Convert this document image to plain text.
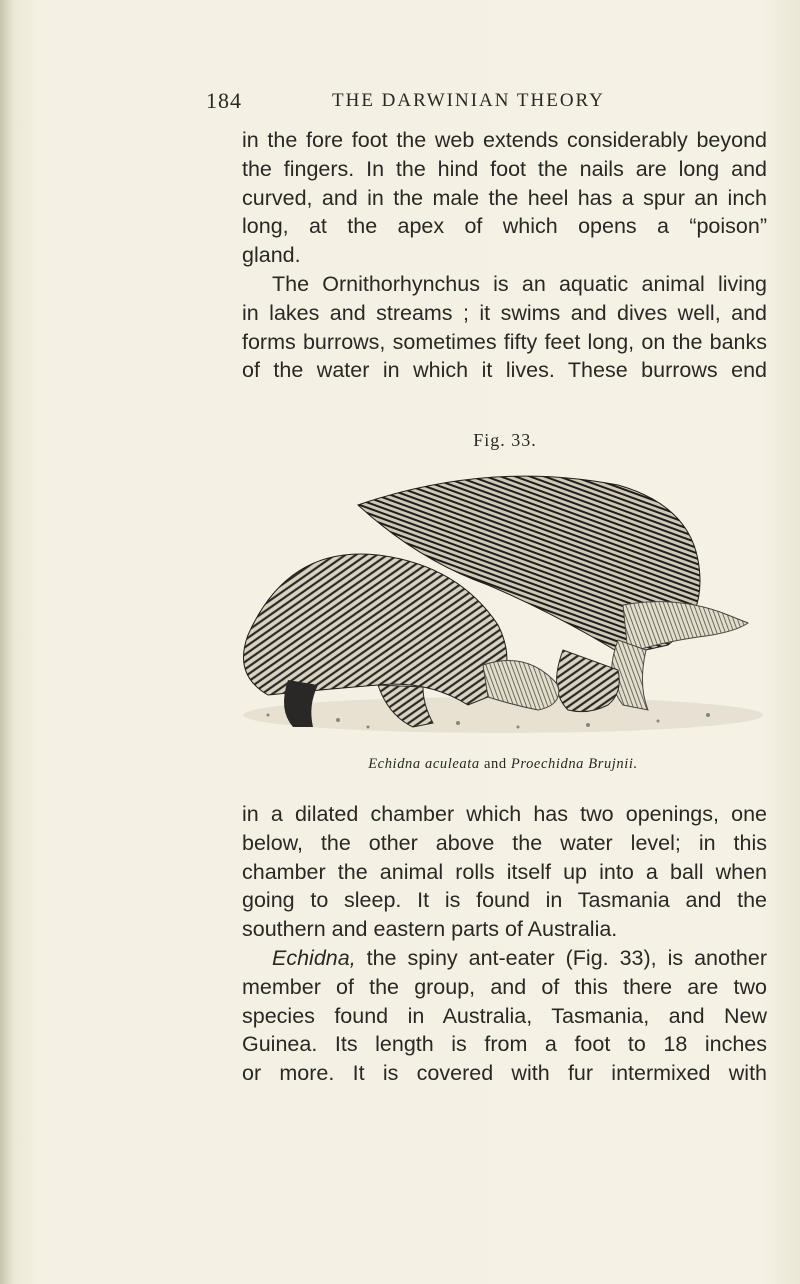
184	THE DARWINIAN THEORY

in the fore foot the web extends considerably beyond

the fingers. In the hind foot the nails are long and

curved, and in the male the heel has a spur an inch

long, at the apex of which opens a “poison”

gland.

The Ornithorhynchus is an aquatic animal living

in lakes and streams ; it swims and dives well, and

forms burrows, sometimes fifty feet long, on the banks

of the water in which it lives. These burrows end

Fig. 33.
Echidna aculeata and Proechidna Brujnii.

in a dilated chamber which has two openings, one

below, the other above the water level; in this

chamber the animal rolls itself up into a ball when

going to sleep. It is found in Tasmania and the

southern and eastern parts of Australia.

Echidna, the spiny ant-eater (Fig. 33), is another

member of the group, and of this there are two

species found in Australia, Tasmania, and New

Guinea. Its length is from a foot to 18 inches

or more. It is covered with fur intermixed with
